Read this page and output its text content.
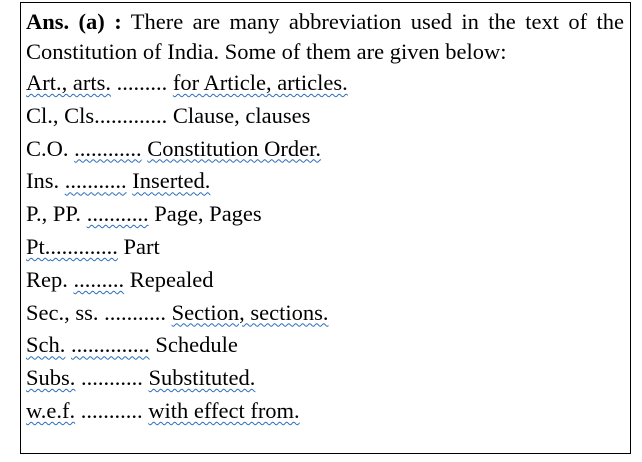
Ans. (a) : There are many abbreviation used in the text of the Constitution of India. Some of them are given below:

Art., arts. ......... for Article, articles.
Cl., Cls............. Clause, clauses
C.O. ............ Constitution Order.
Ins. ........... Inserted.
P., PP. ........... Page, Pages
Pt............. Part
Rep. ......... Repealed
Sec., ss. ........... Section, sections.
Sch. .............. Schedule
Subs. ........... Substituted.
w.e.f. ........... with effect from.
